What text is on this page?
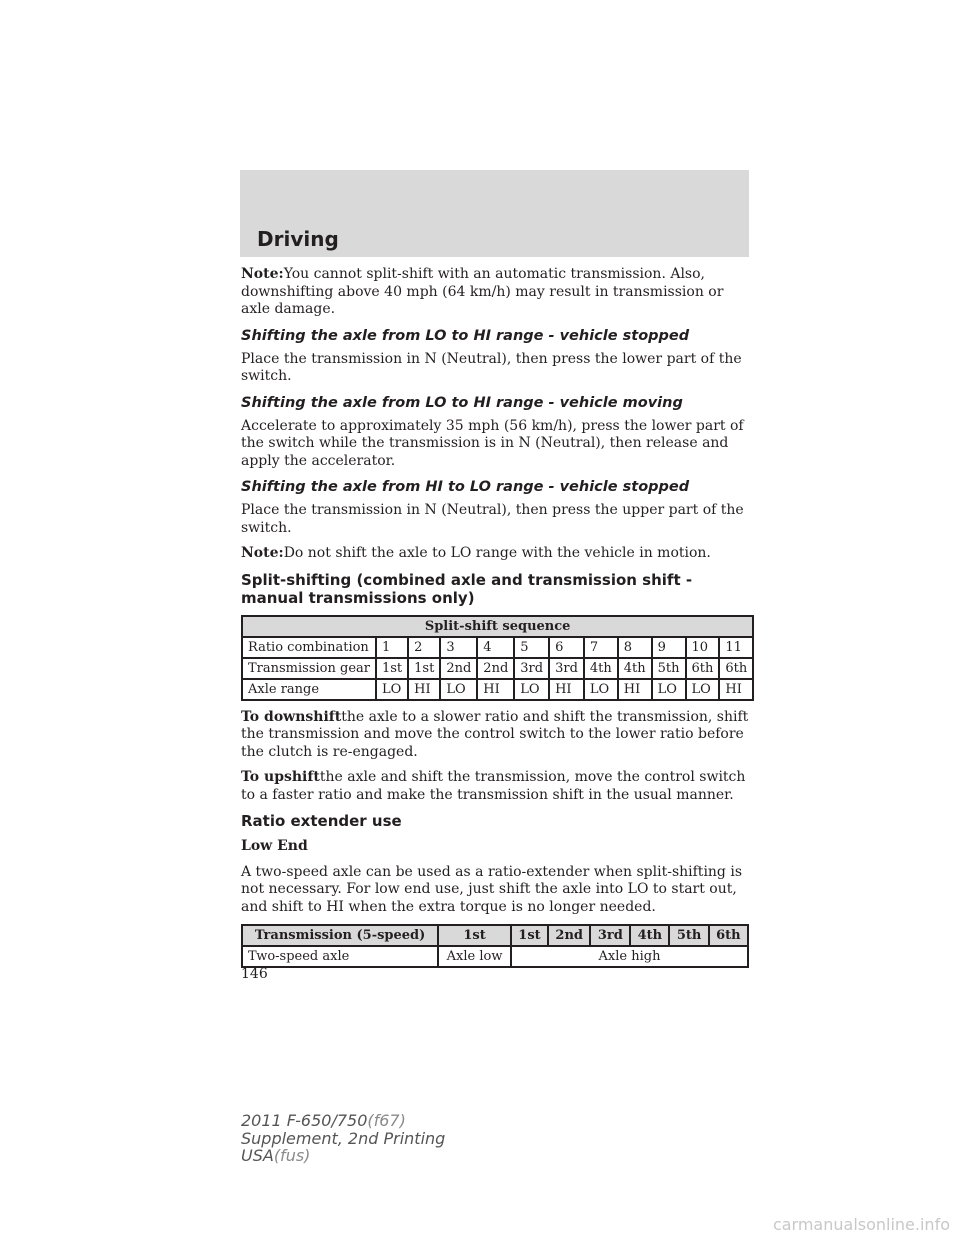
Driving

Note:You cannot split-shift with an automatic transmission. Also, downshifting above 40 mph (64 km/h) may result in transmission or axle damage.

Shifting the axle from LO to HI range - vehicle stopped

Place the transmission in N (Neutral), then press the lower part of the switch.

Shifting the axle from LO to HI range - vehicle moving

Accelerate to approximately 35 mph (56 km/h), press the lower part of the switch while the transmission is in N (Neutral), then release and apply the accelerator.

Shifting the axle from HI to LO range - vehicle stopped

Place the transmission in N (Neutral), then press the upper part of the switch.

Note:Do not shift the axle to LO range with the vehicle in motion.

Split-shifting (combined axle and transmission shift - manual transmissions only)
Split-shift sequence											
Ratio combination	1	2	3	4	5	6	7	8	9	10	11
Transmission gear	1st	1st	2nd	2nd	3rd	3rd	4th	4th	5th	6th	6th
Axle range	LO	HI	LO	HI	LO	HI	LO	HI	LO	LO	HI

To downshiftthe axle to a slower ratio and shift the transmission, shift the transmission and move the control switch to the lower ratio before the clutch is re-engaged.

To upshiftthe axle and shift the transmission, move the control switch to a faster ratio and make the transmission shift in the usual manner.

Ratio extender use

Low End

A two-speed axle can be used as a ratio-extender when split-shifting is not necessary. For low end use, just shift the axle into LO to start out, and shift to HI when the extra torque is no longer needed.

Transmission (5-speed)	1st	1st	2nd	3rd	4th	5th	6th
Two-speed axle	Axle low	Axle high					
146
2011 F-650/750(f67)
Supplement, 2nd Printing
USA(fus)
carmanualsonline.info
